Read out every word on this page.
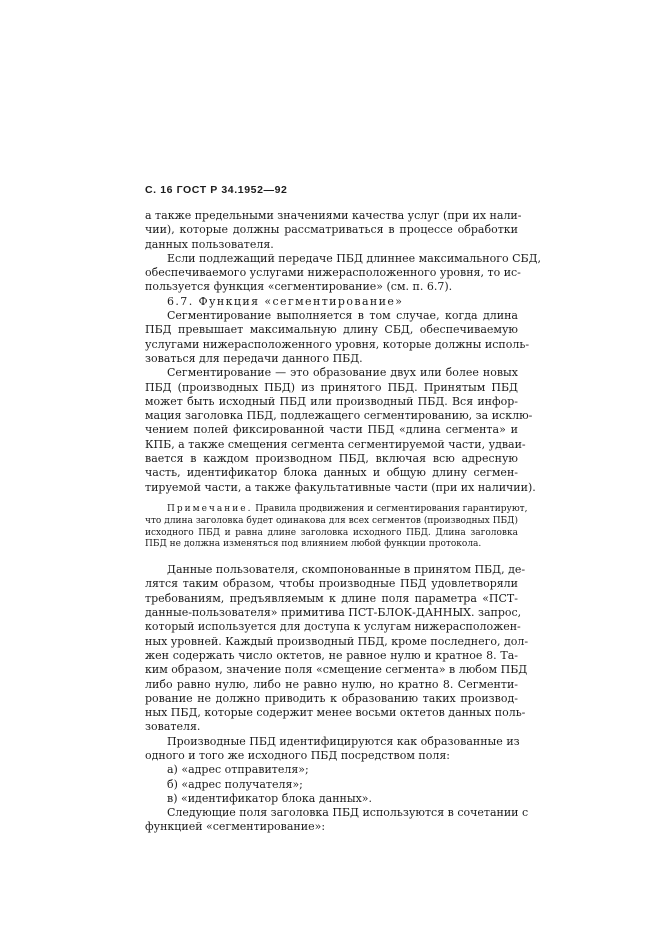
С. 16 ГОСТ Р 34.1952—92
а также предельными значениями качества услуг (при их нали-
чии), которые должны рассматриваться в процессе обработки
данных пользователя.
Если подлежащий передаче ПБД длиннее максимального СБД,
обеспечиваемого услугами нижерасположенного уровня, то ис-
пользуется функция «сегментирование» (см. п. 6.7).
6.7. Функция «сегментирование»
Сегментирование выполняется в том случае, когда длина
ПБД превышает максимальную длину СБД, обеспечиваемую
услугами нижерасположенного уровня, которые должны исполь-
зоваться для передачи данного ПБД.
Сегментирование — это образование двух или более новых
ПБД (производных ПБД) из принятого ПБД. Принятым ПБД
может быть исходный ПБД или производный ПБД. Вся инфор-
мация заголовка ПБД, подлежащего сегментированию, за исклю-
чением полей фиксированной части ПБД «длина сегмента» и
КПБ, а также смещения сегмента сегментируемой части, удваи-
вается в каждом производном ПБД, включая всю адресную
часть, идентификатор блока данных и общую длину сегмен-
тируемой части, а также факультативные части (при их наличии).
Примечание. Правила продвижения и сегментирования гарантируют,
что длина заголовка будет одинакова для всех сегментов (производных ПБД)
исходного ПБД и равна длине заголовка исходного ПБД. Длина заголовка
ПБД не должна изменяться под влиянием любой функции протокола.
Данные пользователя, скомпонованные в принятом ПБД, де-
лятся таким образом, чтобы производные ПБД удовлетворяли
требованиям, предъявляемым к длине поля параметра «ПСТ-
данные-пользователя» примитива ПСТ-БЛОК-ДАННЫХ. запрос,
который используется для доступа к услугам нижерасположен-
ных уровней. Каждый производный ПБД, кроме последнего, дол-
жен содержать число октетов, не равное нулю и кратное 8. Та-
ким образом, значение поля «смещение сегмента» в любом ПБД
либо равно нулю, либо не равно нулю, но кратно 8. Сегменти-
рование не должно приводить к образованию таких производ-
ных ПБД, которые содержит менее восьми октетов данных поль-
зователя.
Производные ПБД идентифицируются как образованные из
одного и того же исходного ПБД посредством поля:
а) «адрес отправителя»;
б) «адрес получателя»;
в) «идентификатор блока данных».
Следующие поля заголовка ПБД используются в сочетании с
функцией «сегментирование»:
